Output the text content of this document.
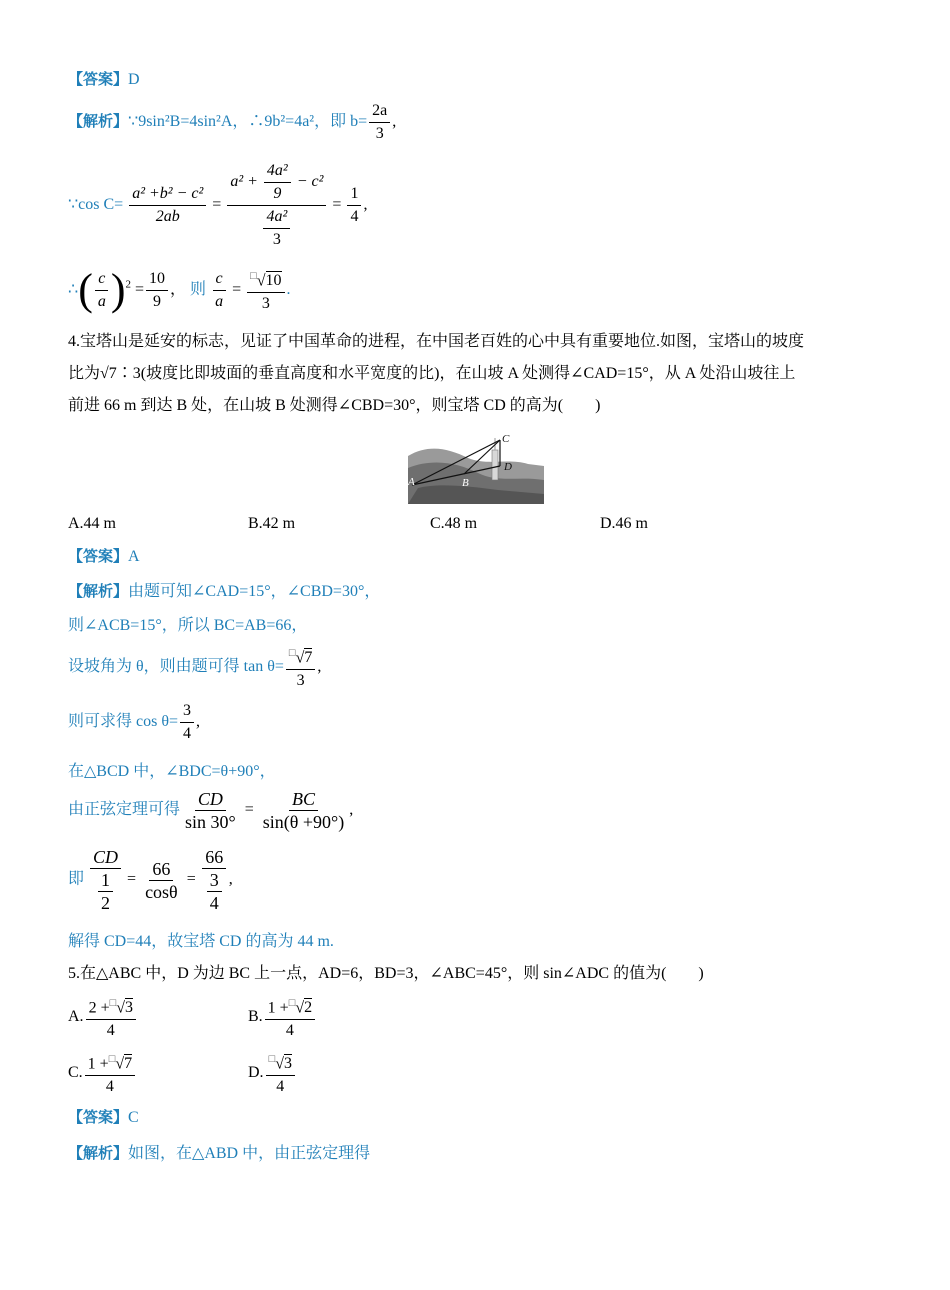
【答案】D
【解析】∵9sin²B=4sin²A，∴9b²=4a²，即 $b= \frac{2a}{3}$ ,
∵cos $C= \frac{\text{a² +b² − c²}}{2ab} = \frac{a^2 + \frac{\text{4a²}}{9} - c^2}{\frac{\text{4a²}}{3}} = \frac{1}{4}$ ,
∴( $\frac{c}{a} )^2 = \frac{10}{9}$ ， 则 $\frac{c}{a} = \frac{^□√10}{3}$ .
4.宝塔山是延安的标志，见证了中国革命的进程，在中国老百姓的心中具有重要地位.如图，宝塔山的坡度
比为√7∶3(坡度比即坡面的垂直高度和水平宽度的比)，在山坡 A 处测得∠CAD=15°，从 A 处沿山坡往上
前进 66 m 到达 B 处，在山坡 B 处测得∠CBD=30°，则宝塔 CD 的高为(　　)
A	B
C
D
A.44 m	B.42 m	C.48 m	D.46 m
【答案】A
【解析】由题可知∠CAD=15°，∠CBD=30°，
则∠ACB=15°，所以 BC=AB=66，
设坡角为 θ，则由题可得 $\tan \theta= \frac{^□√7}{3}$ ,
则可求得 $\cos \theta= \frac{3}{4}$ ,
在△BCD 中，∠BDC=θ+90°，
由正弦定理可得 $\frac{CD}{\sin 30^\circ} = \frac{BC}{\sin(\theta +90^\circ)}$ ,
即 $\frac{CD}{\frac{1}{2}} = \frac{66}{\cos\theta} = \frac{66}{\frac{3}{4}}$ ,
解得 CD=44，故宝塔 CD 的高为 44 m.
5.在△ABC 中，D 为边 BC 上一点，AD=6，BD=3，∠ABC=45°，则 sin∠ADC 的值为(　　)
A. $\frac{2 +^□√3}{4}$	B. $\frac{1 +^□√2}{4}$
C. $\frac{1 +^□√7}{4}$	D. $\frac{^□√3}{4}$
【答案】C
【解析】如图，在△ABD 中，由正弦定理得
